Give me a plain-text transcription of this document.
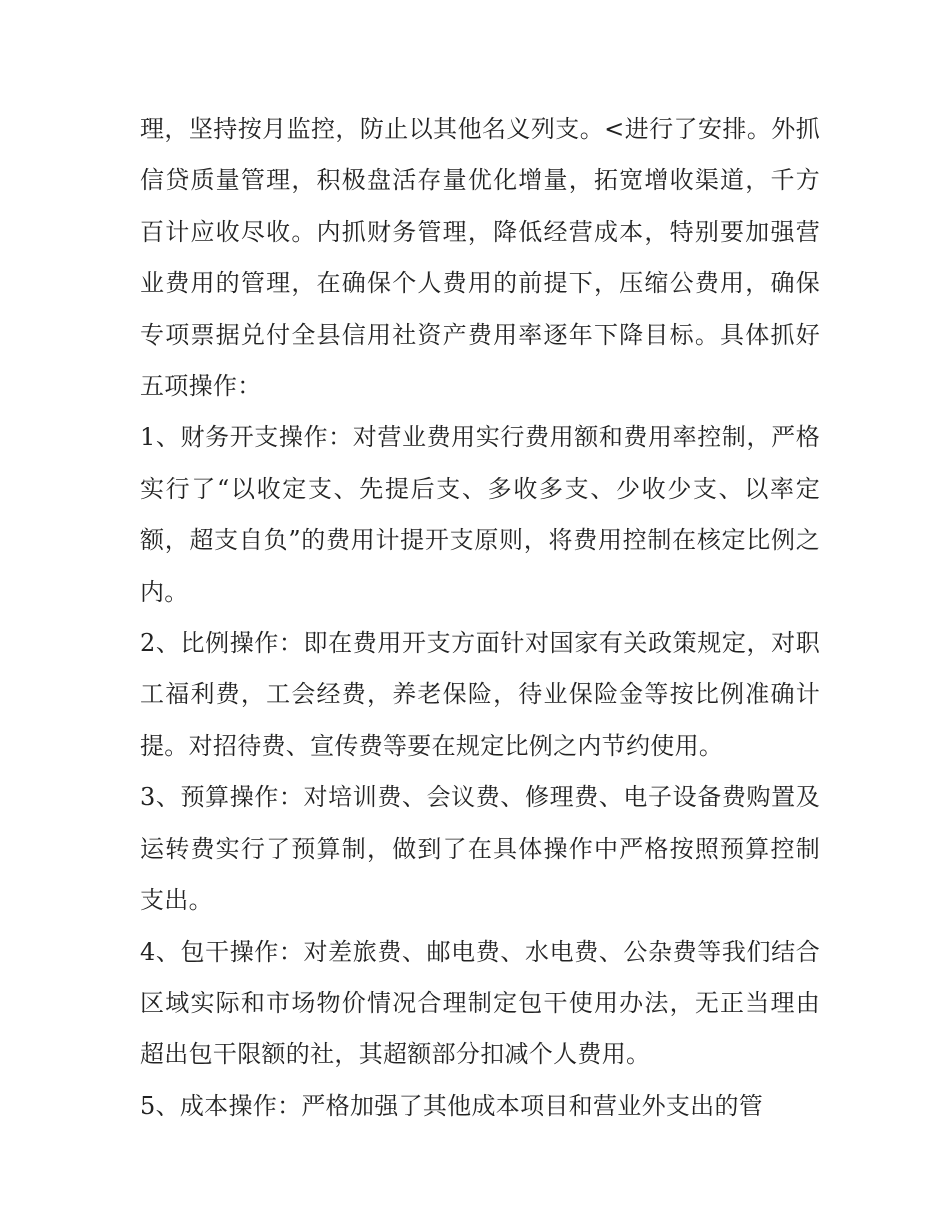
理，坚持按月监控，防止以其他名义列支。<进行了安排。外抓信贷质量管理，积极盘活存量优化增量，拓宽增收渠道，千方百计应收尽收。内抓财务管理，降低经营成本，特别要加强营业费用的管理，在确保个人费用的前提下，压缩公费用，确保专项票据兑付全县信用社资产费用率逐年下降目标。具体抓好五项操作：

1、财务开支操作：对营业费用实行费用额和费用率控制，严格实行了“以收定支、先提后支、多收多支、少收少支、以率定额，超支自负”的费用计提开支原则，将费用控制在核定比例之内。

2、比例操作：即在费用开支方面针对国家有关政策规定，对职工福利费，工会经费，养老保险，待业保险金等按比例准确计提。对招待费、宣传费等要在规定比例之内节约使用。

3、预算操作：对培训费、会议费、修理费、电子设备费购置及运转费实行了预算制，做到了在具体操作中严格按照预算控制支出。

4、包干操作：对差旅费、邮电费、水电费、公杂费等我们结合区域实际和市场物价情况合理制定包干使用办法，无正当理由超出包干限额的社，其超额部分扣减个人费用。

5、成本操作：严格加强了其他成本项目和营业外支出的管
